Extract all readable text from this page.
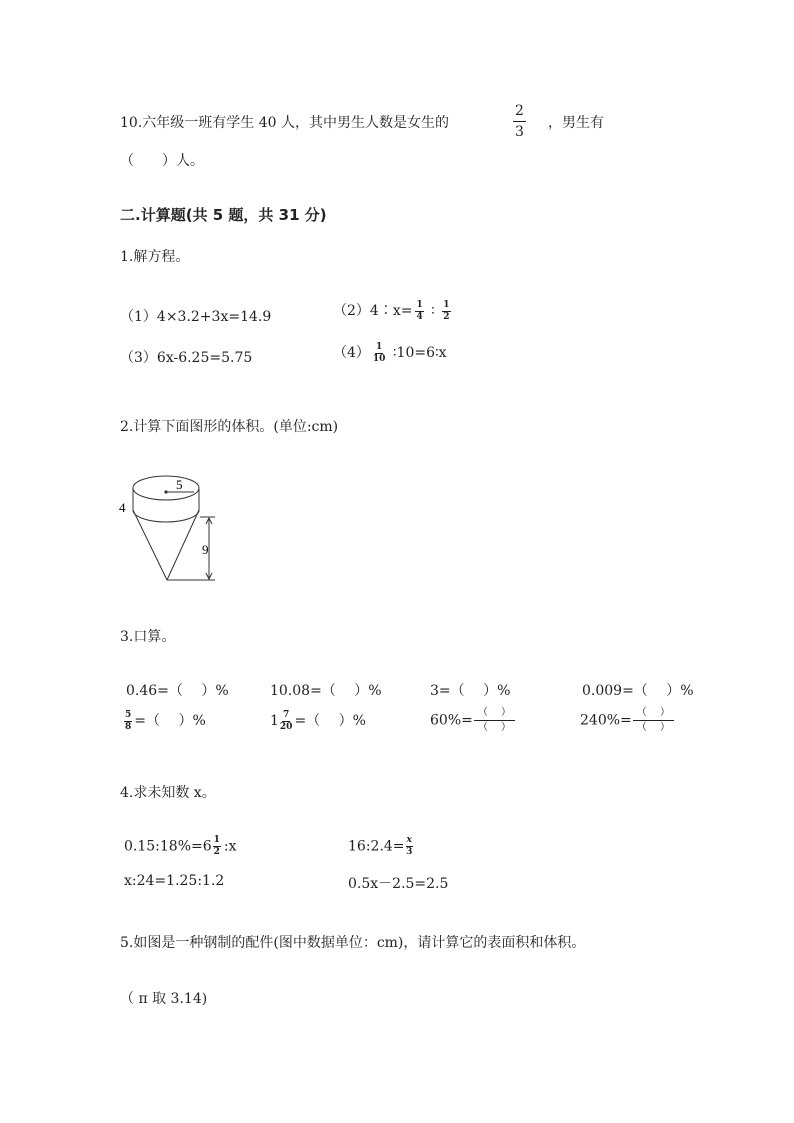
10.六年级一班有学生 40 人，其中男生人数是女生的	$\frac{2}{3}$ ，男生有
（　　）人。
二.计算题(共 5 题，共 31 分)
1.解方程。
（1）4×3.2+3x=14.9	（2）4∶x= $\frac{1}{4}$ ∶ $\frac{1}{2}$
（3）6x-6.25=5.75	$(4) \frac{1}{10}$ ∶10=6∶x
2.计算下面图形的体积。(单位:cm)
5
4
9
3.口算。
0.46=（　 ）%	10.08=（　 ）%	3=（　 ）%	0.009=（　 ）%
$\frac{5}{8}$ =（　 ）%	$1 \frac{7}{20}$ =（　 ）%	$60\%= \frac{( )}{( )}$	$240\%= \frac{( )}{( )}$
4.求未知数 x。
0.15:18%=6 $\frac{1}{2}$ :x	16:2.4= $\frac{x}{3}$
x:24=1.25:1.2	0.5x－2.5=2.5
5.如图是一种钢制的配件(图中数据单位：cm)，请计算它的表面积和体积。
（ π 取 3.14)
